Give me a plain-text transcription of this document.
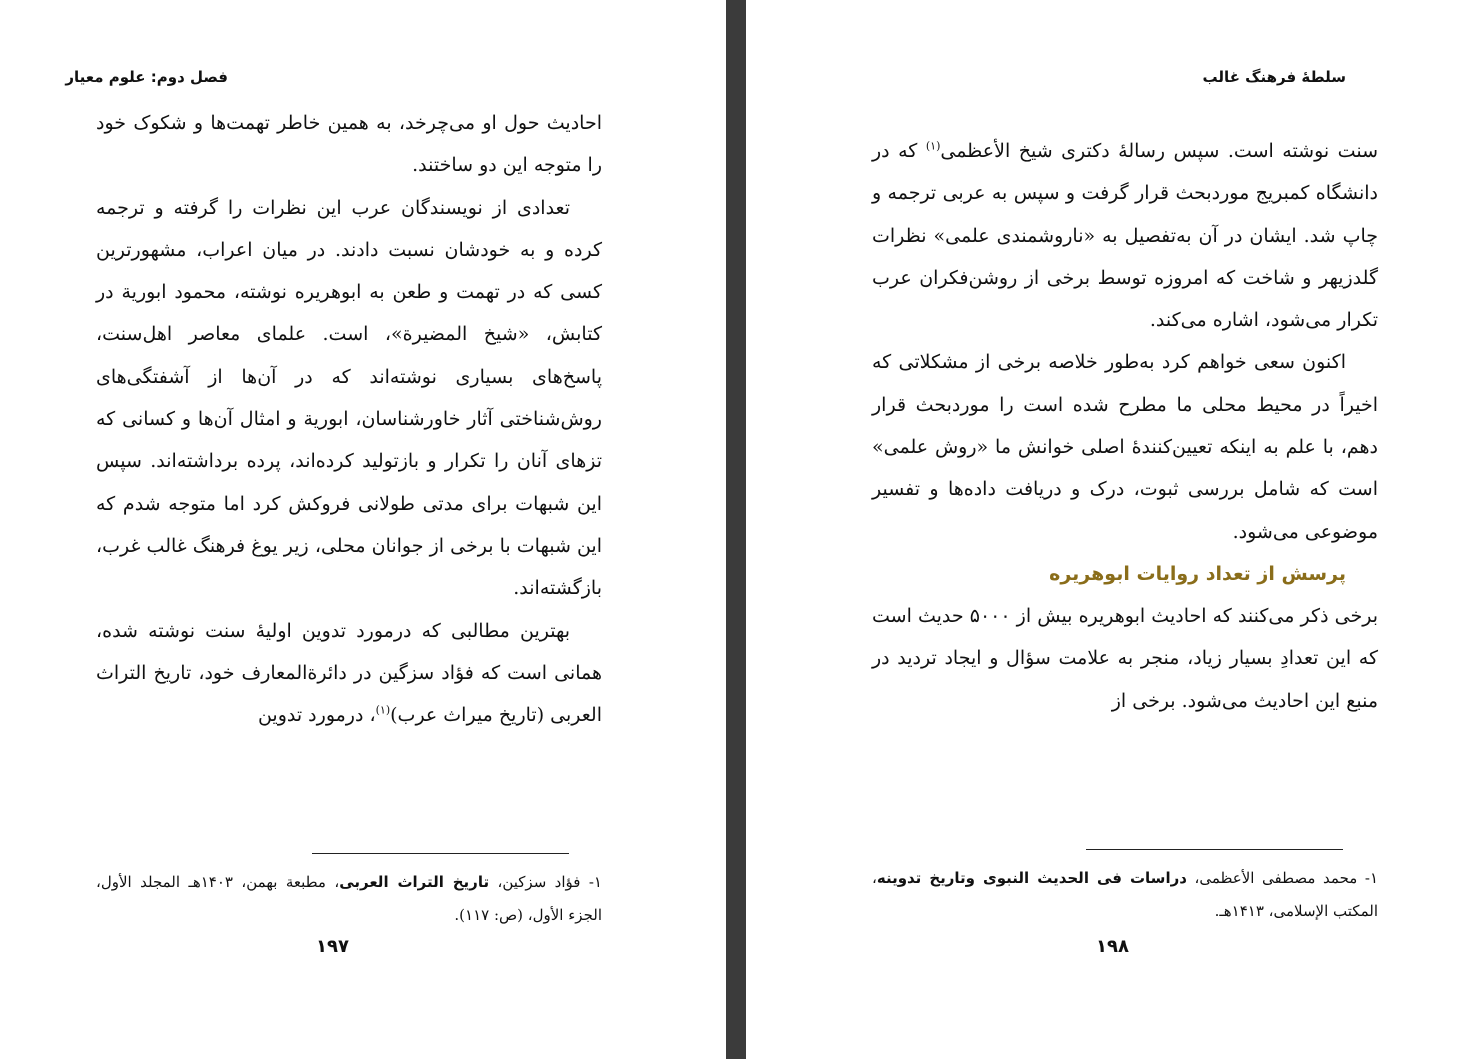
فصل دوم: علوم معیار

احادیث حول او می‌چرخد، به همین خاطر تهمت‌ها و شکوک خود را متوجه این دو ساختند.

تعدادی از نویسندگان عرب این نظرات را گرفته و ترجمه کرده و به خودشان نسبت دادند. در میان اعراب، مشهورترین کسی که در تهمت و طعن به ابوهریره نوشته، محمود ابوریة در کتابش، «شیخ المضیرة»، است. علمای معاصر اهل‌سنت، پاسخ‌های بسیاری نوشته‌اند که در آن‌ها از آشفتگی‌های روش‌شناختی آثار خاورشناسان، ابوریة و امثال آن‌ها و کسانی که تزهای آنان را تکرار و بازتولید کرده‌اند، پرده برداشته‌اند. سپس این شبهات برای مدتی طولانی فروکش کرد اما متوجه شدم که این شبهات با برخی از جوانان محلی، زیر یوغ فرهنگ غالب غرب، بازگشته‌اند.

بهترین مطالبی که درمورد تدوین اولیهٔ سنت نوشته شده، همانی است که فؤاد سزگین در دائرةالمعارف خود، تاریخ التراث العربی (تاریخ میراث عرب)$^{(۱)}$، درمورد تدوین

۱- فؤاد سزکین، تاریخ التراث العربی، مطبعة بهمن، ۱۴۰۳هـ المجلد الأول، الجزء الأول، (ص: ۱۱۷).
۱۹۷
سلطهٔ فرهنگ غالب

سنت نوشته است. سپس رسالهٔ دکتری شیخ الأعظمی$^{(۱)}$ که در دانشگاه کمبریج موردبحث قرار گرفت و سپس به عربی ترجمه و چاپ شد. ایشان در آن به‌تفصیل به «ناروشمندی علمی» نظرات گلدزیهر و شاخت که امروزه توسط برخی از روشن‌فکران عرب تکرار می‌شود، اشاره می‌کند.

اکنون سعی خواهم کرد به‌طور خلاصه برخی از مشکلاتی که اخیراً در محیط محلی ما مطرح شده است را موردبحث قرار دهم، با علم به اینکه تعیین‌کنندهٔ اصلی خوانش ما «روش علمی» است که شامل بررسی ثبوت، درک و دریافت داده‌ها و تفسیر موضوعی می‌شود.

پرسش از تعداد روایات ابوهریره

برخی ذکر می‌کنند که احادیث ابوهریره بیش از ۵۰۰۰ حدیث است که این تعدادِ بسیار زیاد، منجر به علامت سؤال و ایجاد تردید در منبع این احادیث می‌شود. برخی از

۱- محمد مصطفى الأعظمی، دراسات فی الحدیث النبوی وتاریخ تدوینه، المکتب الإسلامی، ۱۴۱۳هـ.
۱۹۸
